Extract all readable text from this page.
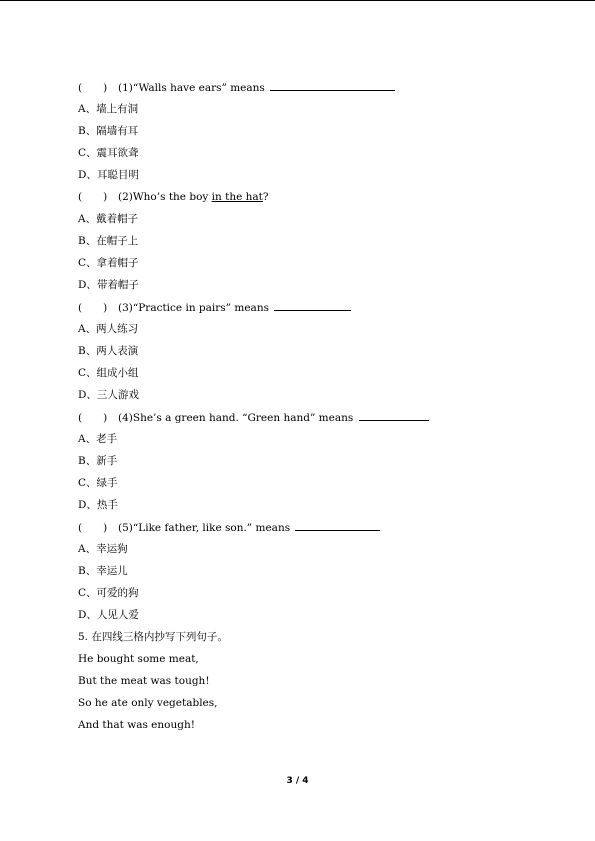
(　　) (1)“Walls have ears” means
A、墙上有洞
B、隔墙有耳
C、震耳欲聋
D、耳聪目明
(　　) (2)Who’s the boy in the hat?
A、戴着帽子
B、在帽子上
C、拿着帽子
D、带着帽子
(　　) (3)“Practice in pairs” means
A、两人练习
B、两人表演
C、组成小组
D、三人游戏
(　　) (4)She’s a green hand. “Green hand” means
A、老手
B、新手
C、绿手
D、热手
(　　) (5)“Like father, like son.” means
A、幸运狗
B、幸运儿
C、可爱的狗
D、人见人爱
5. 在四线三格内抄写下列句子。
He bought some meat,
But the meat was tough!
So he ate only vegetables,
And that was enough!
3 / 4
